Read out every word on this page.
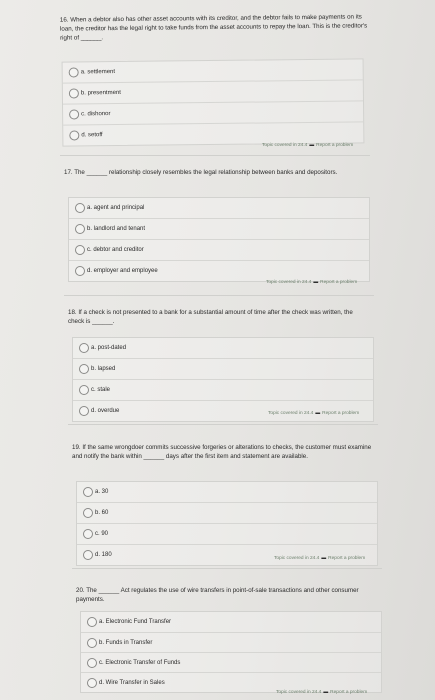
16. When a debtor also has other asset accounts with its creditor, and the debtor fails to make payments on its loan, the creditor has the legal right to take funds from the asset accounts to repay the loan. This is the creditor's right of ______.

a. settlement
b. presentment
c. dishonor
d. setoff
Topic covered in 24.4 ▬ Report a problem

17. The ______ relationship closely resembles the legal relationship between banks and depositors.

a. agent and principal
b. landlord and tenant
c. debtor and creditor
d. employer and employee
Topic covered in 24.4 ▬ Report a problem

18. If a check is not presented to a bank for a substantial amount of time after the check was written, the check is ______.

a. post-dated
b. lapsed
c. stale
d. overdue	Topic covered in 24.4 ▬ Report a problem

19. If the same wrongdoer commits successive forgeries or alterations to checks, the customer must examine and notify the bank within ______ days after the first item and statement are available.

a. 30
b. 60
c. 90
d. 180
Topic covered in 24.4 ▬ Report a problem

20. The ______ Act regulates the use of wire transfers in point-of-sale transactions and other consumer payments.

a. Electronic Fund Transfer
b. Funds in Transfer
c. Electronic Transfer of Funds
d. Wire Transfer in Sales
Topic covered in 24.4 ▬ Report a problem
